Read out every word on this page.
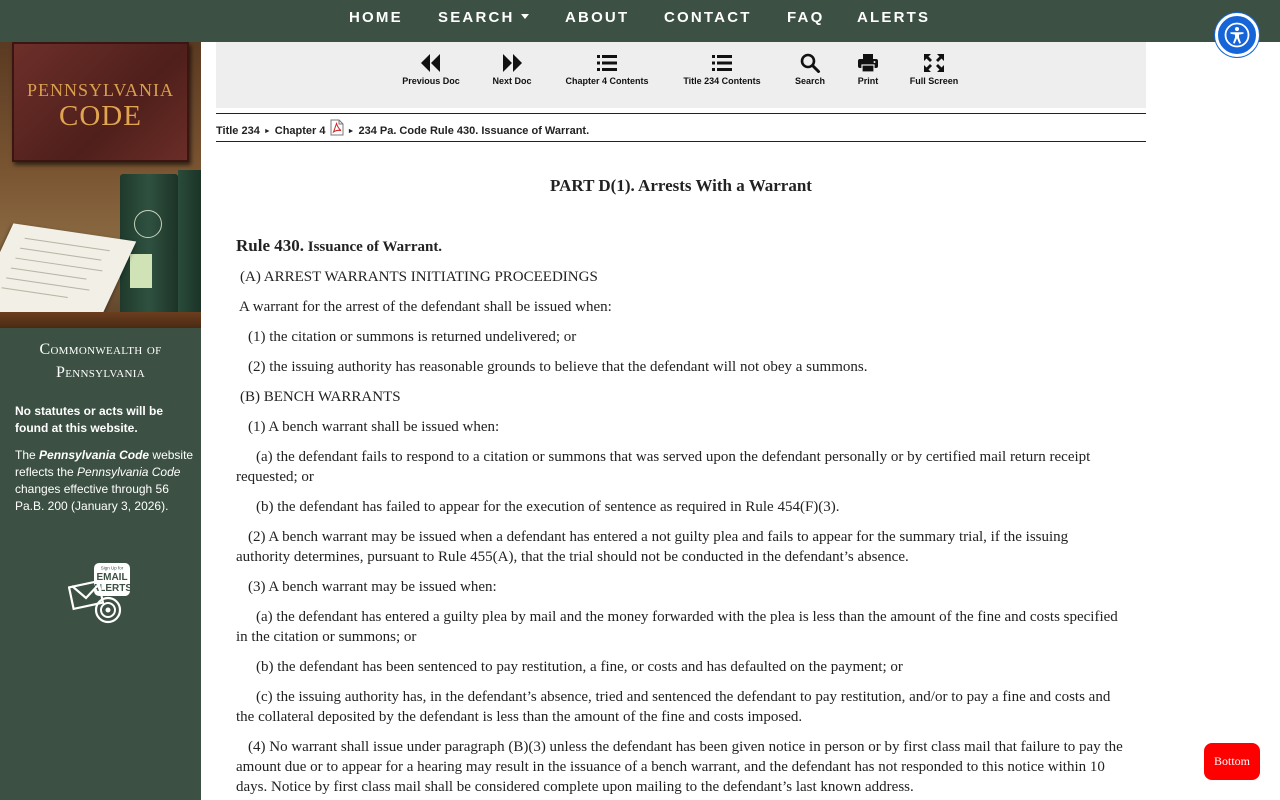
HOME SEARCH	ABOUT CONTACT FAQ ALERTS
PENNSYLVANIA
CODE
Commonwealth of
Pennsylvania
No statutes or acts will be found at this website.
The Pennsylvania Code website reflects the Pennsylvania Code changes effective through 56 Pa.B. 200 (January 3, 2026).
Sign Up for
EMAIL
ALERTS
Previous Doc	Next Doc	Chapter 4 Contents	Title 234 Contents	Search	Print	Full Screen
Title 234 ► Chapter 4	► 234 Pa. Code Rule 430. Issuance of Warrant.
PART D(1). Arrests With a Warrant
Rule 430. Issuance of Warrant.
(A) ARREST WARRANTS INITIATING PROCEEDINGS
A warrant for the arrest of the defendant shall be issued when:
(1) the citation or summons is returned undelivered; or
(2) the issuing authority has reasonable grounds to believe that the defendant will not obey a summons.
(B) BENCH WARRANTS
(1) A bench warrant shall be issued when:
(a) the defendant fails to respond to a citation or summons that was served upon the defendant personally or by certified mail return receipt requested; or
(b) the defendant has failed to appear for the execution of sentence as required in Rule 454(F)(3).
(2) A bench warrant may be issued when a defendant has entered a not guilty plea and fails to appear for the summary trial, if the issuing authority determines, pursuant to Rule 455(A), that the trial should not be conducted in the defendant’s absence.
(3) A bench warrant may be issued when:
(a) the defendant has entered a guilty plea by mail and the money forwarded with the plea is less than the amount of the fine and costs specified in the citation or summons; or
(b) the defendant has been sentenced to pay restitution, a fine, or costs and has defaulted on the payment; or
(c) the issuing authority has, in the defendant’s absence, tried and sentenced the defendant to pay restitution, and/or to pay a fine and costs and the collateral deposited by the defendant is less than the amount of the fine and costs imposed.
(4) No warrant shall issue under paragraph (B)(3) unless the defendant has been given notice in person or by first class mail that failure to pay the amount due or to appear for a hearing may result in the issuance of a bench warrant, and the defendant has not responded to this notice within 10 days. Notice by first class mail shall be considered complete upon mailing to the defendant’s last known address.
Bottom
